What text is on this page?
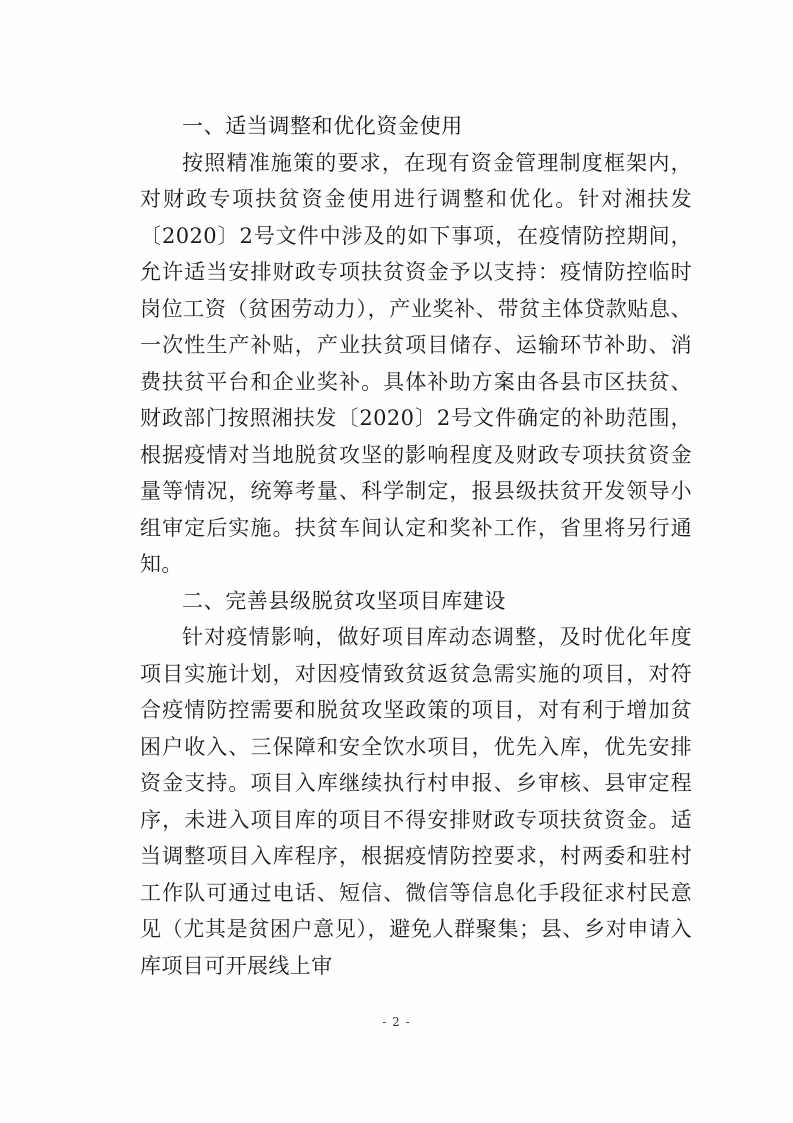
一、适当调整和优化资金使用

按照精准施策的要求，在现有资金管理制度框架内，对财政专项扶贫资金使用进行调整和优化。针对湘扶发〔2020〕2号文件中涉及的如下事项，在疫情防控期间，允许适当安排财政专项扶贫资金予以支持：疫情防控临时岗位工资（贫困劳动力），产业奖补、带贫主体贷款贴息、一次性生产补贴，产业扶贫项目储存、运输环节补助、消费扶贫平台和企业奖补。具体补助方案由各县市区扶贫、财政部门按照湘扶发〔2020〕2号文件确定的补助范围，根据疫情对当地脱贫攻坚的影响程度及财政专项扶贫资金量等情况，统筹考量、科学制定，报县级扶贫开发领导小组审定后实施。扶贫车间认定和奖补工作，省里将另行通知。

二、完善县级脱贫攻坚项目库建设

针对疫情影响，做好项目库动态调整，及时优化年度项目实施计划，对因疫情致贫返贫急需实施的项目，对符合疫情防控需要和脱贫攻坚政策的项目，对有利于增加贫困户收入、三保障和安全饮水项目，优先入库，优先安排资金支持。项目入库继续执行村申报、乡审核、县审定程序，未进入项目库的项目不得安排财政专项扶贫资金。适当调整项目入库程序，根据疫情防控要求，村两委和驻村工作队可通过电话、短信、微信等信息化手段征求村民意见（尤其是贫困户意见），避免人群聚集；县、乡对申请入库项目可开展线上审

- 2 -
